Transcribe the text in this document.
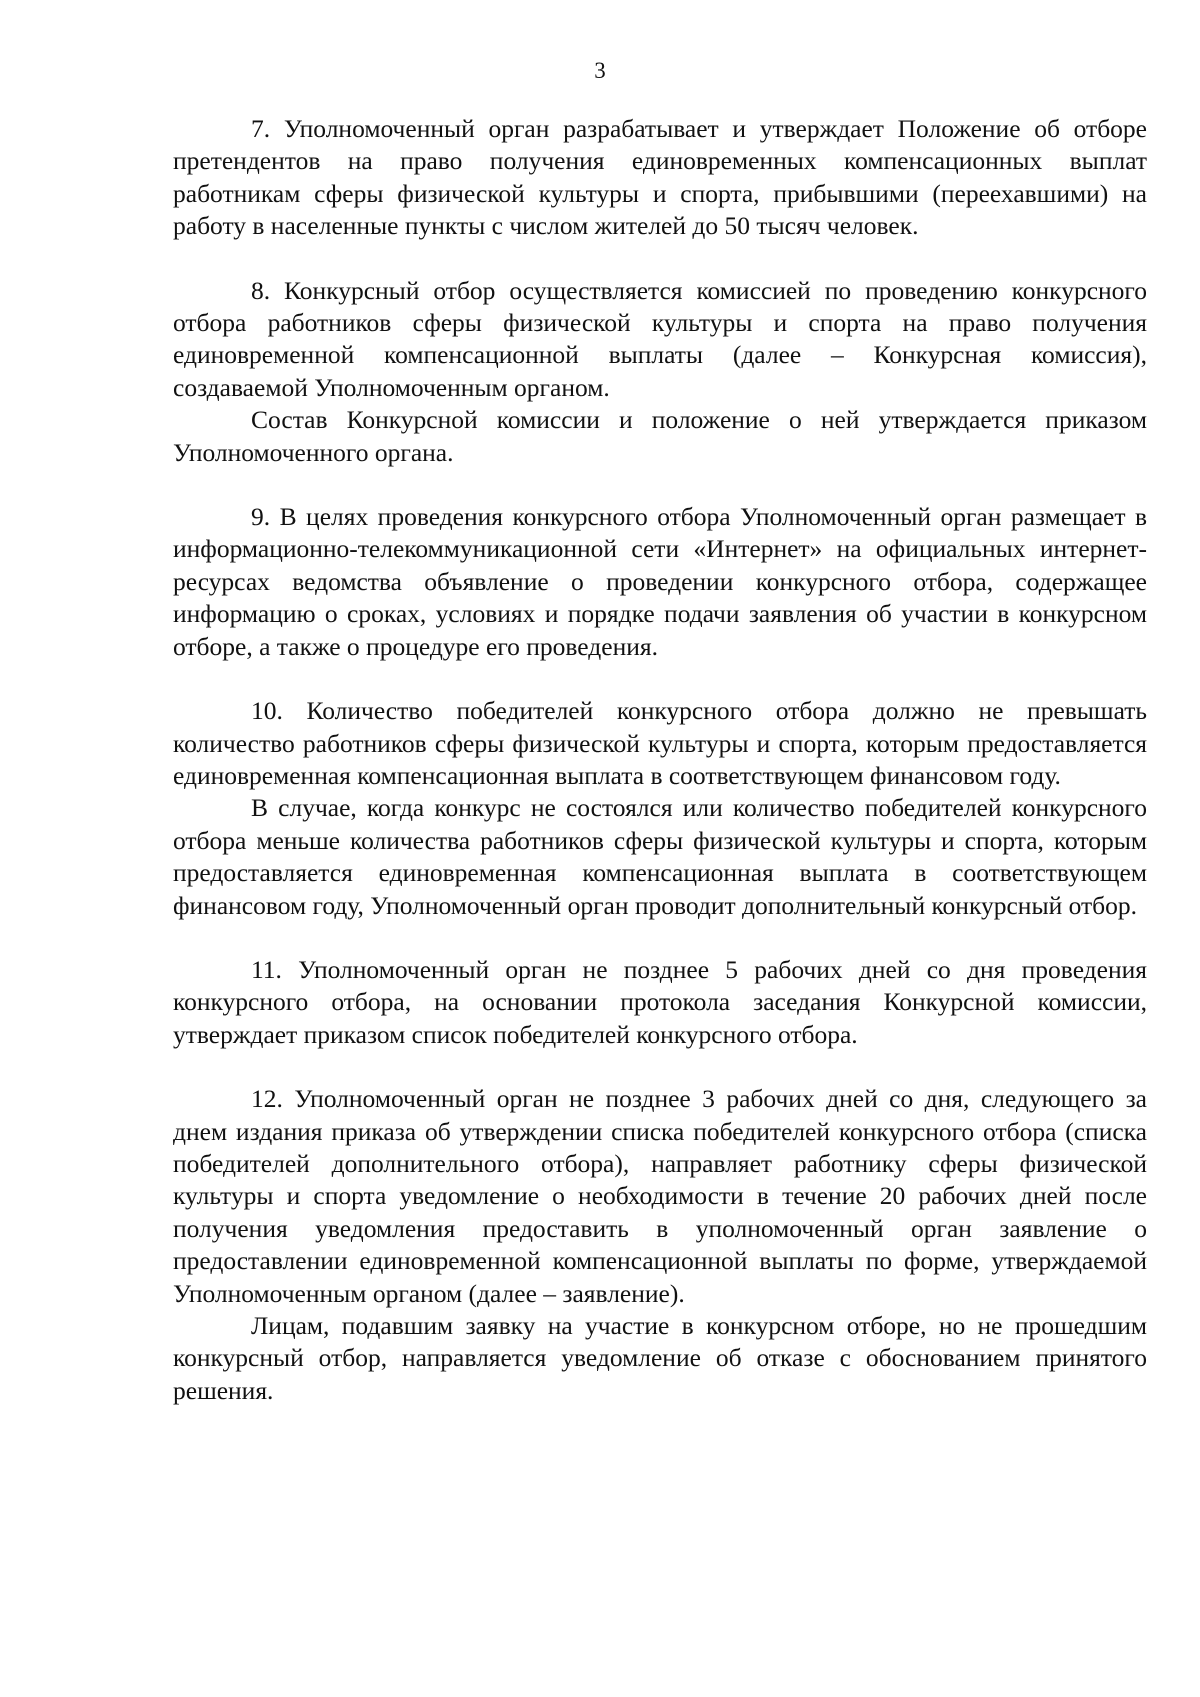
3

7. Уполномоченный орган разрабатывает и утверждает Положение об отборе претендентов на право получения единовременных компенсационных выплат работникам сферы физической культуры и спорта, прибывшими (переехавшими) на работу в населенные пункты с числом жителей до 50 тысяч человек.

8. Конкурсный отбор осуществляется комиссией по проведению конкурсного отбора работников сферы физической культуры и спорта на право получения единовременной компенсационной выплаты (далее – Конкурсная комиссия), создаваемой Уполномоченным органом.

Состав Конкурсной комиссии и положение о ней утверждается приказом Уполномоченного органа.

9. В целях проведения конкурсного отбора Уполномоченный орган размещает в информационно-телекоммуникационной сети «Интернет» на официальных интернет-ресурсах ведомства объявление о проведении конкурсного отбора, содержащее информацию о сроках, условиях и порядке подачи заявления об участии в конкурсном отборе, а также о процедуре его проведения.

10. Количество победителей конкурсного отбора должно не превышать количество работников сферы физической культуры и спорта, которым предоставляется единовременная компенсационная выплата в соответствующем финансовом году.

В случае, когда конкурс не состоялся или количество победителей конкурсного отбора меньше количества работников сферы физической культуры и спорта, которым предоставляется единовременная компенсационная выплата в соответствующем финансовом году, Уполномоченный орган проводит дополнительный конкурсный отбор.

11. Уполномоченный орган не позднее 5 рабочих дней со дня проведения конкурсного отбора, на основании протокола заседания Конкурсной комиссии, утверждает приказом список победителей конкурсного отбора.

12. Уполномоченный орган не позднее 3 рабочих дней со дня, следующего за днем издания приказа об утверждении списка победителей конкурсного отбора (списка победителей дополнительного отбора), направляет работнику сферы физической культуры и спорта уведомление о необходимости в течение 20 рабочих дней после получения уведомления предоставить в уполномоченный орган заявление о предоставлении единовременной компенсационной выплаты по форме, утверждаемой Уполномоченным органом (далее – заявление).

Лицам, подавшим заявку на участие в конкурсном отборе, но не прошедшим конкурсный отбор, направляется уведомление об отказе с обоснованием принятого решения.
